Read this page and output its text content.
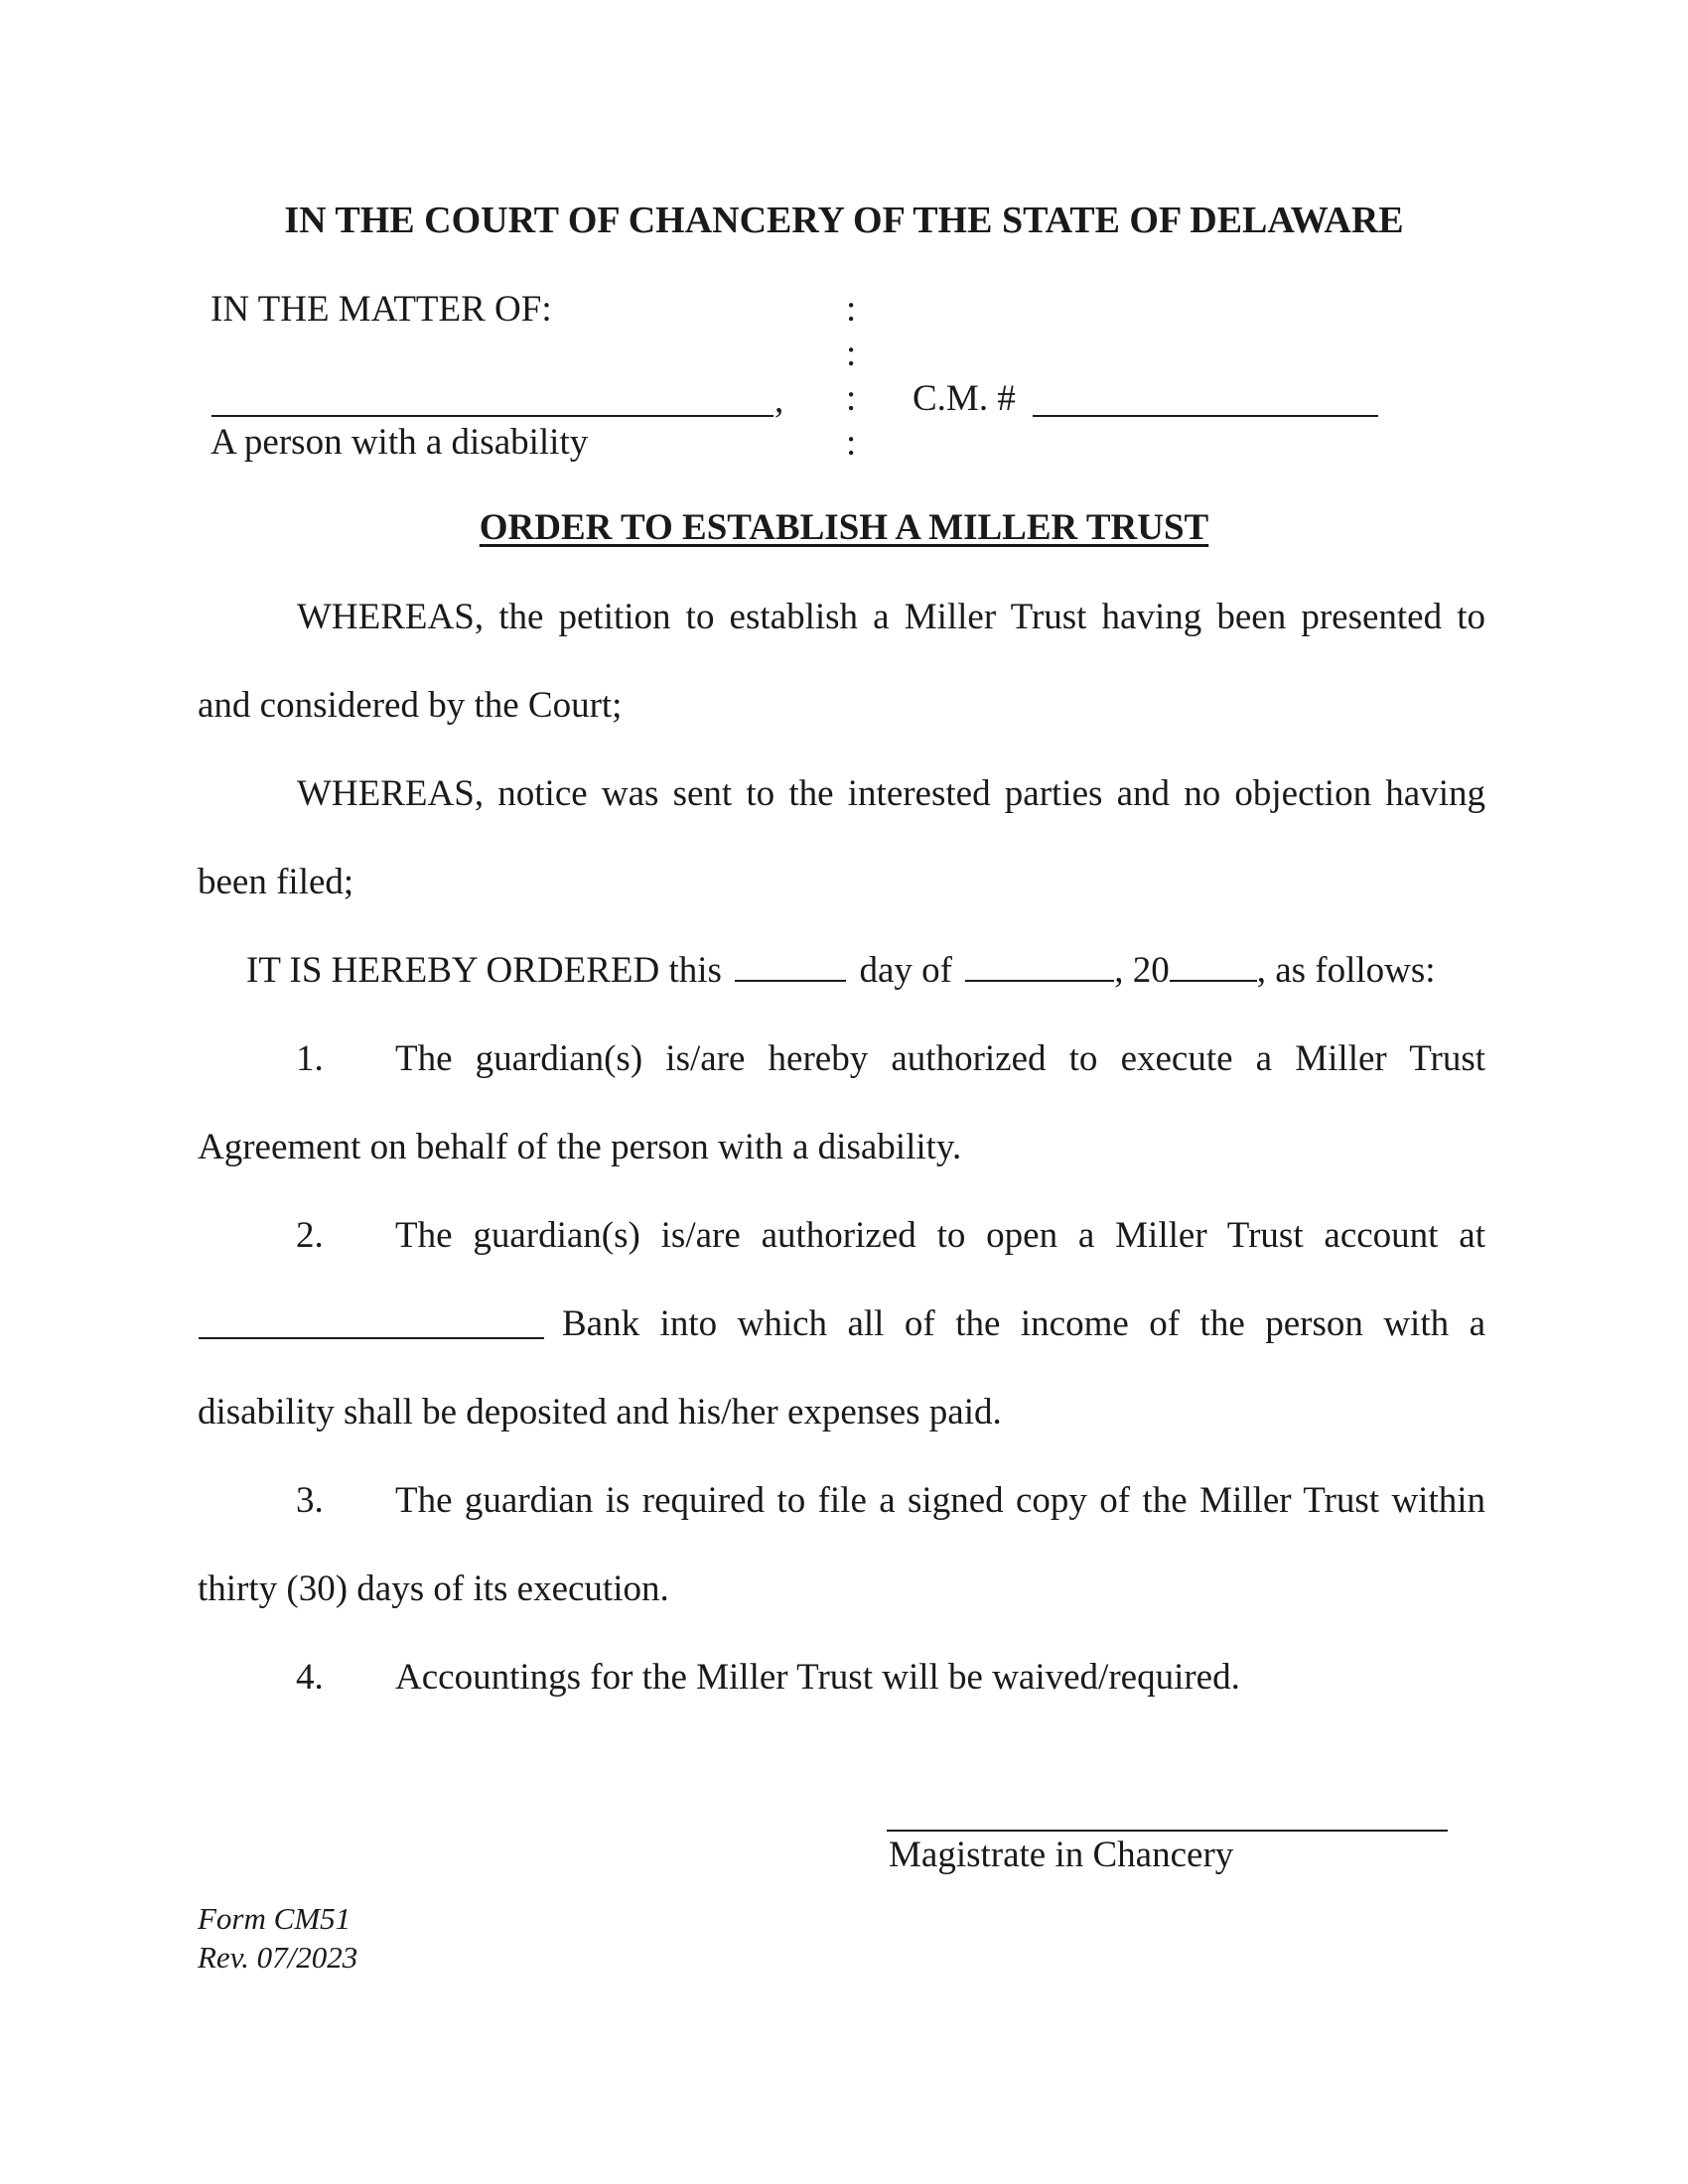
IN THE COURT OF CHANCERY OF THE STATE OF DELAWARE
IN THE MATTER OF:	:
:
:
:
,	C.M. #
A person with a disability
ORDER TO ESTABLISH A MILLER TRUST
WHEREAS, the petition to establish a Miller Trust having been presented to
and considered by the Court;
WHEREAS, notice was sent to the interested parties and no objection having
been filed;
IT IS HEREBY ORDERED this	day of	, 20 , as follows:
1. The guardian(s) is/are hereby authorized to execute a Miller Trust
Agreement on behalf of the person with a disability.
2. The guardian(s) is/are authorized to open a Miller Trust account at
Bank into which all of the income of the person with a
disability shall be deposited and his/her expenses paid.
3. The guardian is required to file a signed copy of the Miller Trust within
thirty (30) days of its execution.
4. Accountings for the Miller Trust will be waived/required.
Magistrate in Chancery
Form CM51
Rev. 07/2023
